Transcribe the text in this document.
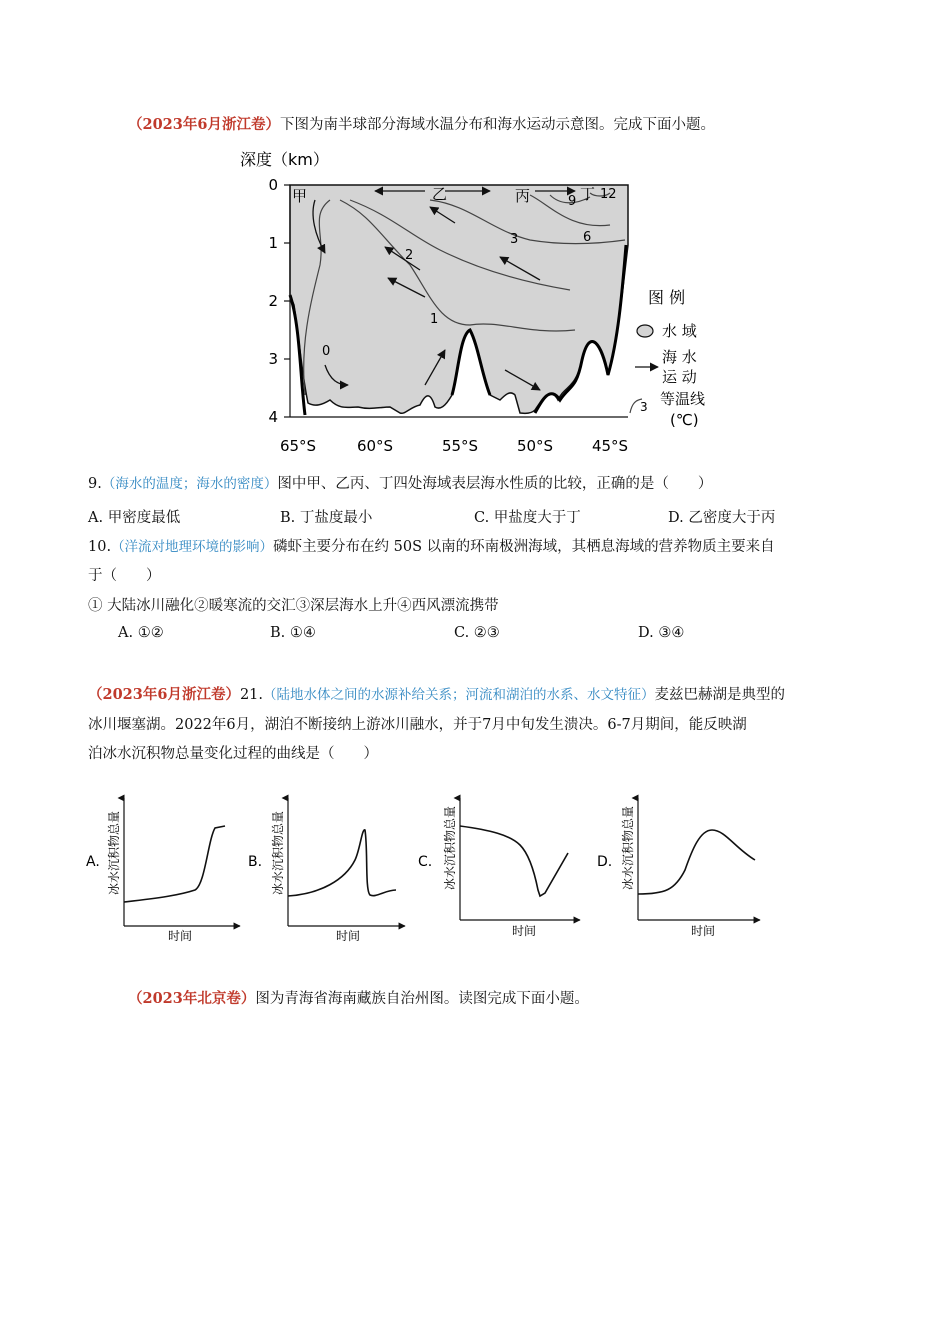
（2023年6月浙江卷）下图为南半球部分海域水温分布和海水运动示意图。完成下面小题。
深度（km）
0
1
2
3
4
65°S	60°S	55°S	50°S	45°S
0
1
2
3	6
9 12
甲	乙	丙	丁
图 例
水 域
海 水
运 动
3 等温线
(℃)
9.（海水的温度；海水的密度）图中甲、乙丙、丁四处海域表层海水性质的比较，正确的是（　　）
A. 甲密度最低	B. 丁盐度最小	C. 甲盐度大于丁	D. 乙密度大于丙
10.（洋流对地理环境的影响）磷虾主要分布在约 50S 以南的环南极洲海域，其栖息海域的营养物质主要来自
于（　　）
① 大陆冰川融化②暖寒流的交汇③深层海水上升④西风漂流携带
A. ①②	B. ①④	C. ②③	D. ③④
（2023年6月浙江卷）21.（陆地水体之间的水源补给关系；河流和湖泊的水系、水文特征）麦兹巴赫湖是典型的
冰川堰塞湖。2022年6月，湖泊不断接纳上游冰川融水，并于7月中旬发生溃决。6-7月期间，能反映湖
泊冰水沉积物总量变化过程的曲线是（　　）
A. 冰水沉积物总量
时间
B. 冰水沉积物总量
时间
C. 冰水沉积物总量
时间
D. 冰水沉积物总量
时间
（2023年北京卷）图为青海省海南藏族自治州图。读图完成下面小题。
